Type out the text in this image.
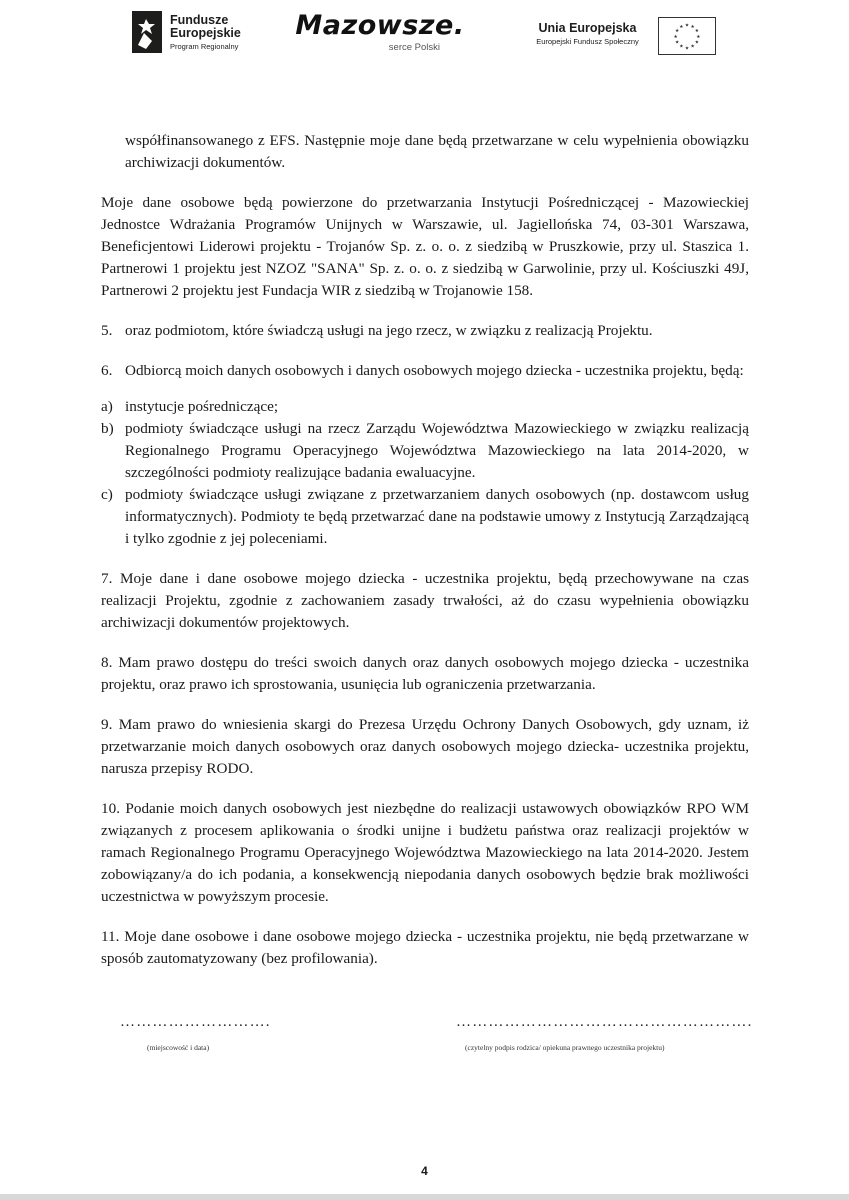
Fundusze
Europejskie
Program Regionalny
Mazowsze.
serce Polski
Unia Europejska
Europejski Fundusz Społeczny
★ ★
★
★
★
★
★
★
★
★
★
★

współfinansowanego z EFS. Następnie moje dane będą przetwarzane w celu wypełnienia obowiązku archiwizacji dokumentów.

Moje dane osobowe będą powierzone do przetwarzania Instytucji Pośredniczącej - Mazowieckiej Jednostce Wdrażania Programów Unijnych w Warszawie, ul. Jagiellońska 74, 03-301 Warszawa, Beneficjentowi Liderowi projektu - Trojanów Sp. z. o. o. z siedzibą w Pruszkowie, przy ul. Staszica 1. Partnerowi 1 projektu jest NZOZ "SANA" Sp. z. o. o. z siedzibą w Garwolinie, przy ul. Kościuszki 49J, Partnerowi 2 projektu jest Fundacja WIR z siedzibą w Trojanowie 158.

5. oraz podmiotom, które świadczą usługi na jego rzecz, w związku z realizacją Projektu.
6. Odbiorcą moich danych osobowych i danych osobowych mojego dziecka - uczestnika projektu, będą:
a) instytucje pośredniczące;
b) podmioty świadczące usługi na rzecz Zarządu Województwa Mazowieckiego w związku realizacją Regionalnego Programu Operacyjnego Województwa Mazowieckiego na lata 2014-2020, w szczególności podmioty realizujące badania ewaluacyjne.
c) podmioty świadczące usługi związane z przetwarzaniem danych osobowych (np. dostawcom usług informatycznych). Podmioty te będą przetwarzać dane na podstawie umowy z Instytucją Zarządzającą i tylko zgodnie z jej poleceniami.

7. Moje dane i dane osobowe mojego dziecka - uczestnika projektu, będą przechowywane na czas realizacji Projektu, zgodnie z zachowaniem zasady trwałości, aż do czasu wypełnienia obowiązku archiwizacji dokumentów projektowych.

8. Mam prawo dostępu do treści swoich danych oraz danych osobowych mojego dziecka - uczestnika projektu, oraz prawo ich sprostowania, usunięcia lub ograniczenia przetwarzania.

9. Mam prawo do wniesienia skargi do Prezesa Urzędu Ochrony Danych Osobowych, gdy uznam, iż przetwarzanie moich danych osobowych oraz danych osobowych mojego dziecka- uczestnika projektu, narusza przepisy RODO.

10. Podanie moich danych osobowych jest niezbędne do realizacji ustawowych obowiązków RPO WM związanych z procesem aplikowania o środki unijne i budżetu państwa oraz realizacji projektów w ramach Regionalnego Programu Operacyjnego Województwa Mazowieckiego na lata 2014-2020. Jestem zobowiązany/a do ich podania, a konsekwencją niepodania danych osobowych będzie brak możliwości uczestnictwa w powyższym procesie.

11. Moje dane osobowe i dane osobowe mojego dziecka - uczestnika projektu, nie będą przetwarzane w sposób zautomatyzowany (bez profilowania).

……………………….
(miejscowość i data)
……………………………………………….
(czytelny podpis rodzica/ opiekuna prawnego uczestnika projektu)
4
